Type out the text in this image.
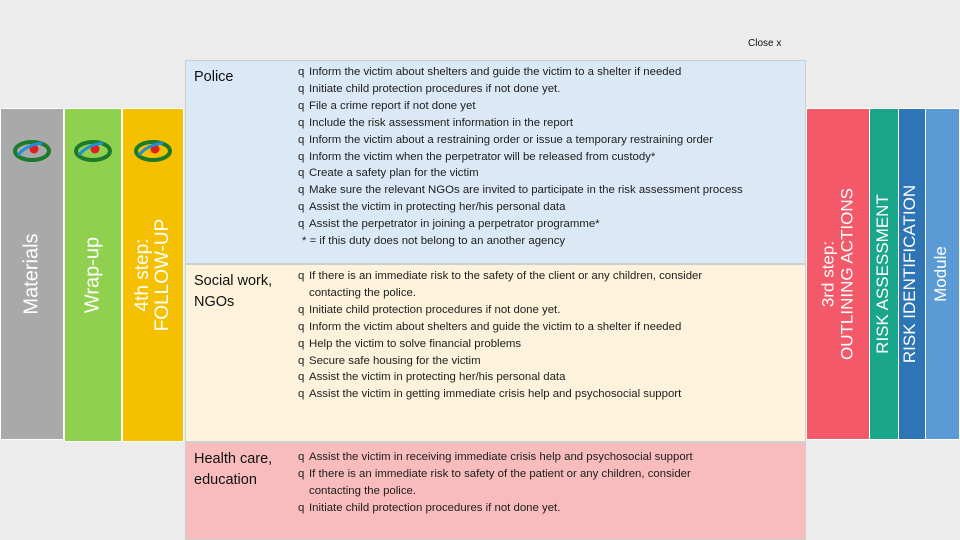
Materials Wrap-up 4th step:
FOLLOW-UP
Close x
Police	q Inform the victim about shelters and guide the victim to a shelter if needed
q Initiate child protection procedures if not done yet.
q File a crime report if not done yet
q Include the risk assessment information in the report
q Inform the victim about a restraining order or issue a temporary restraining order
q Inform the victim when the perpetrator will be released from custody*
q Create a safety plan for the victim
q Make sure the relevant NGOs are invited to participate in the risk assessment process
q Assist the victim in protecting her/his personal data
q Assist the perpetrator in joining a perpetrator programme*
* = if this duty does not belong to an another agency
Social work,
NGOs
q If there is an immediate risk to the safety of the client or any children, consider
contacting the police.
q Initiate child protection procedures if not done yet.
q Inform the victim about shelters and guide the victim to a shelter if needed
q Help the victim to solve financial problems
q Secure safe housing for the victim
q Assist the victim in protecting her/his personal data
q Assist the victim in getting immediate crisis help and psychosocial support
Health care,
education
q Assist the victim in receiving immediate crisis help and psychosocial support
q If there is an immediate risk to safety of the patient or any children, consider
contacting the police.
q Initiate child protection procedures if not done yet.
Module
RISK IDENTIFICATION
RISK ASSESSMENT
3rd step:
OUTLINING ACTIONS
